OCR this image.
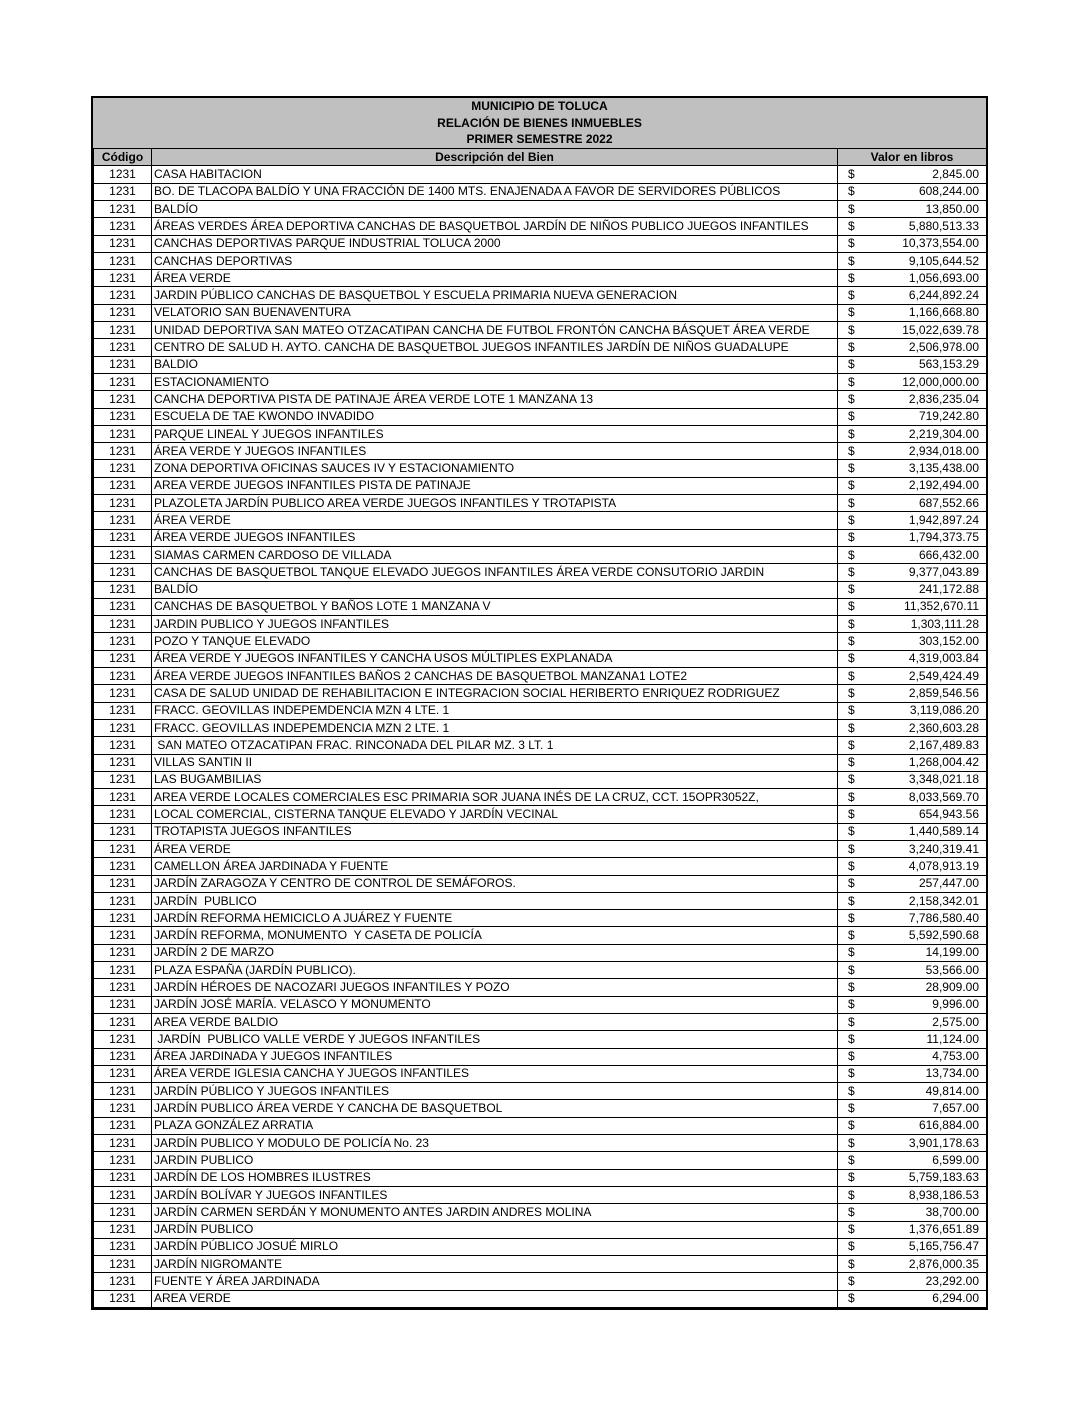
MUNICIPIO DE TOLUCA
RELACIÓN DE BIENES INMUEBLES
PRIMER SEMESTRE 2022
Código	Descripción del Bien	Valor en libros
1231	CASA HABITACION	$ 2,845.00

1231	BO. DE TLACOPA BALDÍO Y UNA FRACCIÓN DE 1400 MTS. ENAJENADA A FAVOR DE SERVIDORES PÚBLICOS	$ 608,244.00

1231	BALDÍO	$ 13,850.00

1231	ÁREAS VERDES ÁREA DEPORTIVA CANCHAS DE BASQUETBOL JARDÍN DE NIÑOS PUBLICO JUEGOS INFANTILES	$ 5,880,513.33

1231	CANCHAS DEPORTIVAS PARQUE INDUSTRIAL TOLUCA 2000	$ 10,373,554.00

1231	CANCHAS DEPORTIVAS	$ 9,105,644.52

1231	ÁREA VERDE	$ 1,056,693.00

1231	JARDIN PÚBLICO CANCHAS DE BASQUETBOL Y ESCUELA PRIMARIA NUEVA GENERACION	$ 6,244,892.24

1231	VELATORIO SAN BUENAVENTURA	$ 1,166,668.80

1231	UNIDAD DEPORTIVA SAN MATEO OTZACATIPAN CANCHA DE FUTBOL FRONTÓN CANCHA BÁSQUET ÁREA VERDE	$ 15,022,639.78

1231	CENTRO DE SALUD H. AYTO. CANCHA DE BASQUETBOL JUEGOS INFANTILES JARDÍN DE NIÑOS GUADALUPE	$ 2,506,978.00

1231	BALDIO	$ 563,153.29

1231	ESTACIONAMIENTO	$ 12,000,000.00

1231	CANCHA DEPORTIVA PISTA DE PATINAJE ÁREA VERDE LOTE 1 MANZANA 13	$ 2,836,235.04

1231	ESCUELA DE TAE KWONDO INVADIDO	$ 719,242.80

1231	PARQUE LINEAL Y JUEGOS INFANTILES	$ 2,219,304.00

1231	ÁREA VERDE Y JUEGOS INFANTILES	$ 2,934,018.00

1231	ZONA DEPORTIVA OFICINAS SAUCES IV Y ESTACIONAMIENTO	$ 3,135,438.00

1231	AREA VERDE JUEGOS INFANTILES PISTA DE PATINAJE	$ 2,192,494.00

1231	PLAZOLETA JARDÍN PUBLICO AREA VERDE JUEGOS INFANTILES Y TROTAPISTA	$ 687,552.66

1231	ÁREA VERDE	$ 1,942,897.24

1231	ÁREA VERDE JUEGOS INFANTILES	$ 1,794,373.75

1231	SIAMAS CARMEN CARDOSO DE VILLADA	$ 666,432.00

1231	CANCHAS DE BASQUETBOL TANQUE ELEVADO JUEGOS INFANTILES ÁREA VERDE CONSUTORIO JARDIN	$ 9,377,043.89

1231	BALDÍO	$ 241,172.88

1231	CANCHAS DE BASQUETBOL Y BAÑOS LOTE 1 MANZANA V	$ 11,352,670.11

1231	JARDIN PUBLICO Y JUEGOS INFANTILES	$ 1,303,111.28

1231	POZO Y TANQUE ELEVADO	$ 303,152.00

1231	ÁREA VERDE Y JUEGOS INFANTILES Y CANCHA USOS MÚLTIPLES EXPLANADA	$ 4,319,003.84

1231	ÁREA VERDE JUEGOS INFANTILES BAÑOS 2 CANCHAS DE BASQUETBOL MANZANA1 LOTE2	$ 2,549,424.49

1231	CASA DE SALUD UNIDAD DE REHABILITACION E INTEGRACION SOCIAL HERIBERTO ENRIQUEZ RODRIGUEZ	$ 2,859,546.56

1231	FRACC. GEOVILLAS INDEPEMDENCIA MZN 4 LTE. 1	$ 3,119,086.20

1231	FRACC. GEOVILLAS INDEPEMDENCIA MZN 2 LTE. 1	$ 2,360,603.28

1231	SAN MATEO OTZACATIPAN FRAC. RINCONADA DEL PILAR MZ. 3 LT. 1	$ 2,167,489.83

1231	VILLAS SANTIN II	$ 1,268,004.42

1231	LAS BUGAMBILIAS	$ 3,348,021.18

1231	AREA VERDE LOCALES COMERCIALES ESC PRIMARIA SOR JUANA INÉS DE LA CRUZ, CCT. 15OPR3052Z,	$ 8,033,569.70

1231	LOCAL COMERCIAL, CISTERNA TANQUE ELEVADO Y JARDÍN VECINAL	$ 654,943.56

1231	TROTAPISTA JUEGOS INFANTILES	$ 1,440,589.14

1231	ÁREA VERDE	$ 3,240,319.41

1231	CAMELLON ÁREA JARDINADA Y FUENTE	$ 4,078,913.19

1231	JARDÍN ZARAGOZA Y CENTRO DE CONTROL DE SEMÁFOROS.	$ 257,447.00

1231	JARDÍN  PUBLICO	$ 2,158,342.01

1231	JARDÍN REFORMA HEMICICLO A JUÁREZ Y FUENTE	$ 7,786,580.40

1231	JARDÍN REFORMA, MONUMENTO  Y CASETA DE POLICÍA	$ 5,592,590.68

1231	JARDÍN 2 DE MARZO	$ 14,199.00

1231	PLAZA ESPAÑA (JARDÍN PUBLICO).	$ 53,566.00

1231	JARDÍN HÉROES DE NACOZARI JUEGOS INFANTILES Y POZO	$ 28,909.00

1231	JARDÍN JOSÉ MARÍA. VELASCO Y MONUMENTO	$ 9,996.00

1231	AREA VERDE BALDIO	$ 2,575.00

1231	JARDÍN  PUBLICO VALLE VERDE Y JUEGOS INFANTILES	$ 11,124.00

1231	ÁREA JARDINADA Y JUEGOS INFANTILES	$ 4,753.00

1231	ÁREA VERDE IGLESIA CANCHA Y JUEGOS INFANTILES	$ 13,734.00

1231	JARDÍN PÚBLICO Y JUEGOS INFANTILES	$ 49,814.00

1231	JARDÍN PUBLICO ÁREA VERDE Y CANCHA DE BASQUETBOL	$ 7,657.00

1231	PLAZA GONZÁLEZ ARRATIA	$ 616,884.00

1231	JARDÍN PUBLICO Y MODULO DE POLICÍA No. 23	$ 3,901,178.63

1231	JARDIN PUBLICO	$ 6,599.00

1231	JARDÍN DE LOS HOMBRES ILUSTRES	$ 5,759,183.63

1231	JARDÍN BOLÍVAR Y JUEGOS INFANTILES	$ 8,938,186.53

1231	JARDÍN CARMEN SERDÁN Y MONUMENTO ANTES JARDIN ANDRES MOLINA	$ 38,700.00

1231	JARDÍN PUBLICO	$ 1,376,651.89

1231	JARDÍN PÚBLICO JOSUÉ MIRLO	$ 5,165,756.47

1231	JARDÍN NIGROMANTE	$ 2,876,000.35

1231	FUENTE Y ÁREA JARDINADA	$ 23,292.00

1231	AREA VERDE	$ 6,294.00
